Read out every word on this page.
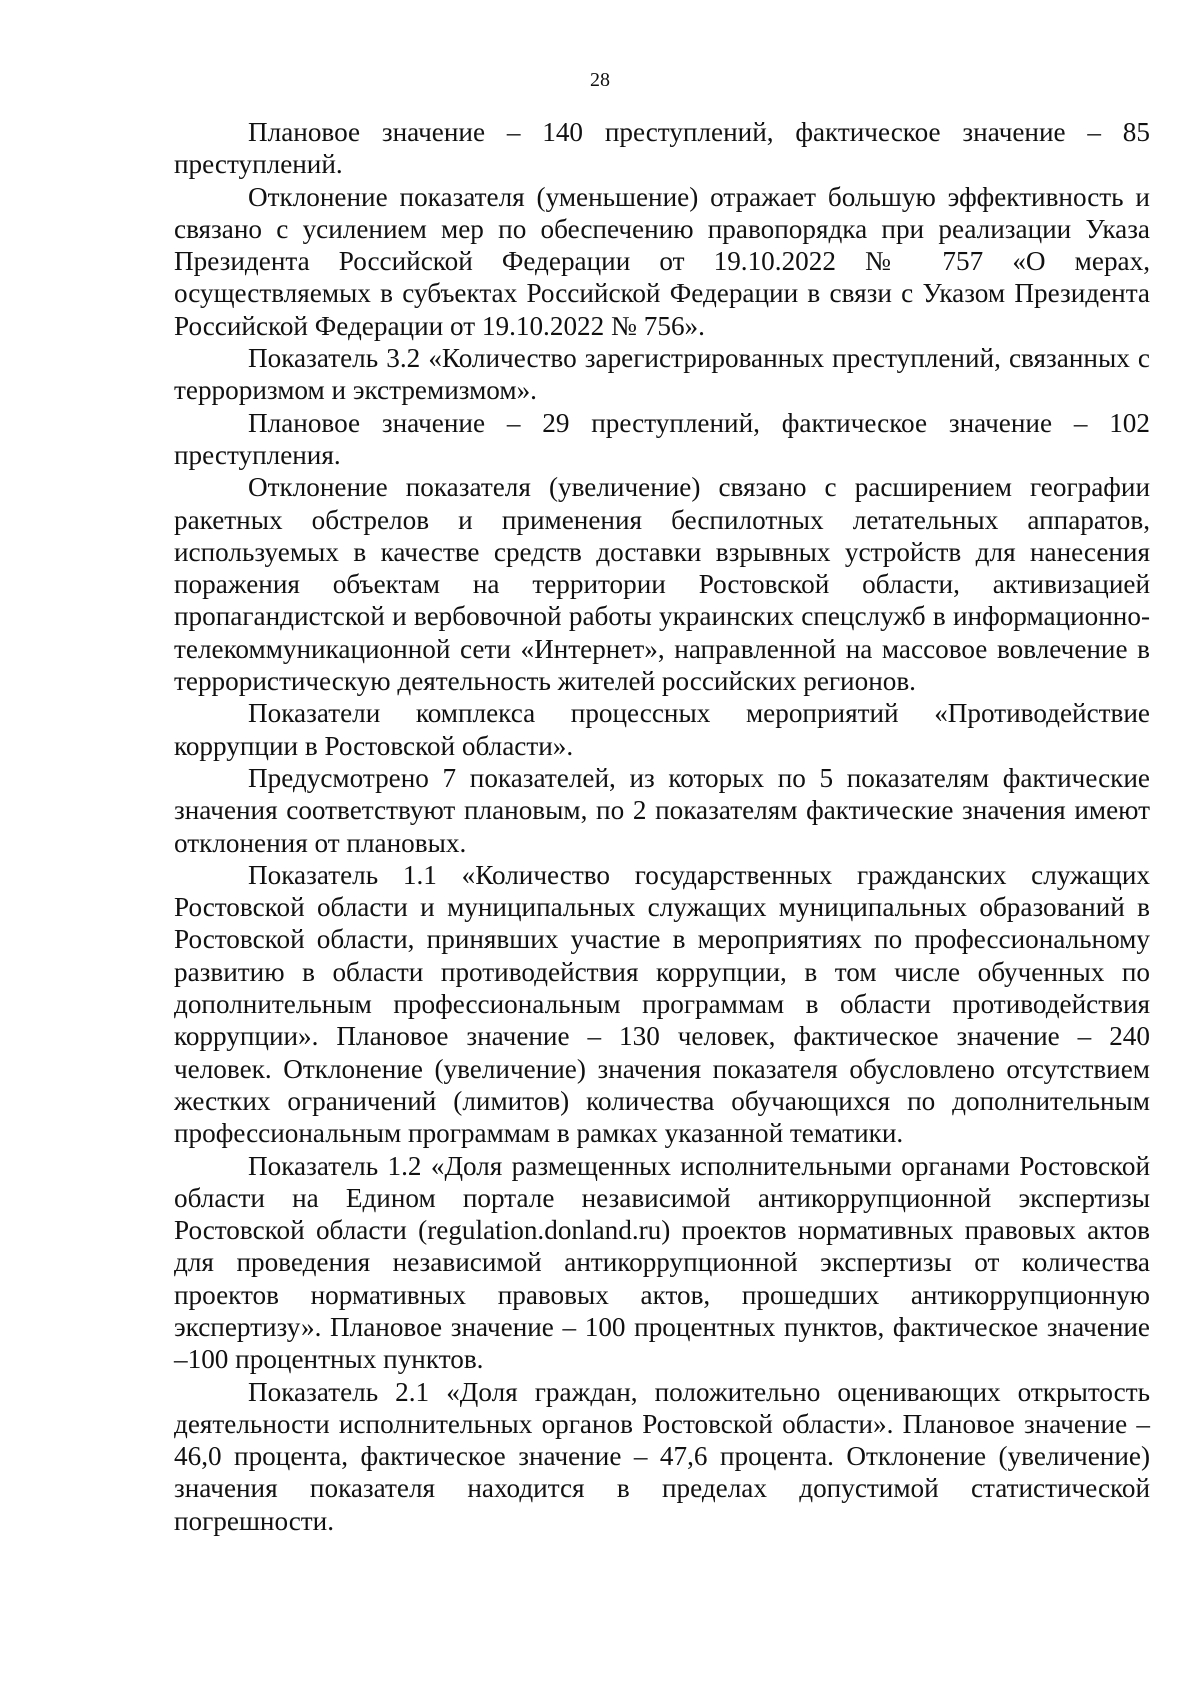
28

Плановое значение – 140 преступлений, фактическое значение – 85 преступлений.

Отклонение показателя (уменьшение) отражает большую эффективность и связано с усилением мер по обеспечению правопорядка при реализации Указа Президента Российской Федерации от 19.10.2022 № 757 «О мерах, осуществляемых в субъектах Российской Федерации в связи с Указом Президента Российской Федерации от 19.10.2022 № 756».

Показатель 3.2 «Количество зарегистрированных преступлений, связанных с терроризмом и экстремизмом».

Плановое значение – 29 преступлений, фактическое значение – 102 преступления.

Отклонение показателя (увеличение) связано с расширением географии ракетных обстрелов и применения беспилотных летательных аппаратов, используемых в качестве средств доставки взрывных устройств для нанесения поражения объектам на территории Ростовской области, активизацией пропагандистской и вербовочной работы украинских спецслужб в информационно-телекоммуникационной сети «Интернет», направленной на массовое вовлечение в террористическую деятельность жителей российских регионов.

Показатели комплекса процессных мероприятий «Противодействие коррупции в Ростовской области».

Предусмотрено 7 показателей, из которых по 5 показателям фактические значения соответствуют плановым, по 2 показателям фактические значения имеют отклонения от плановых.

Показатель 1.1 «Количество государственных гражданских служащих Ростовской области и муниципальных служащих муниципальных образований в Ростовской области, принявших участие в мероприятиях по профессиональному развитию в области противодействия коррупции, в том числе обученных по дополнительным профессиональным программам в области противодействия коррупции». Плановое значение – 130 человек, фактическое значение – 240 человек. Отклонение (увеличение) значения показателя обусловлено отсутствием жестких ограничений (лимитов) количества обучающихся по дополнительным профессиональным программам в рамках указанной тематики.

Показатель 1.2 «Доля размещенных исполнительными органами Ростовской области на Едином портале независимой антикоррупционной экспертизы Ростовской области (regulation.donland.ru) проектов нормативных правовых актов для проведения независимой антикоррупционной экспертизы от количества проектов нормативных правовых актов, прошедших антикоррупционную экспертизу». Плановое значение – 100 процентных пунктов, фактическое значение –100 процентных пунктов.

Показатель 2.1 «Доля граждан, положительно оценивающих открытость деятельности исполнительных органов Ростовской области». Плановое значение – 46,0 процента, фактическое значение – 47,6 процента. Отклонение (увеличение) значения показателя находится в пределах допустимой статистической погрешности.
